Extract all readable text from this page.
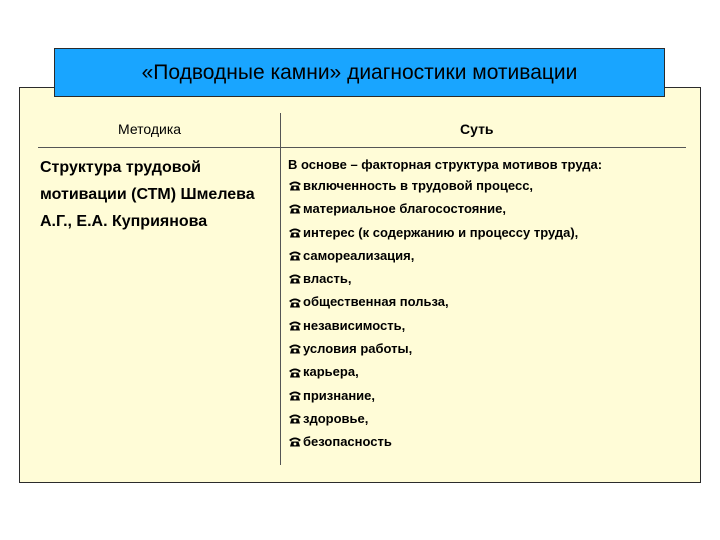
«Подводные камни» диагностики мотивации
Методика	Суть
Структура трудовой мотивации (СТМ) Шмелева А.Г., Е.А. Куприянова
В основе – факторная структура мотивов труда:
включенность в трудовой процесс,
материальное благосостояние,
интерес (к содержанию и процессу труда),
самореализация,
власть,
общественная польза,
независимость,
условия работы,
карьера,
признание,
здоровье,
безопасность
